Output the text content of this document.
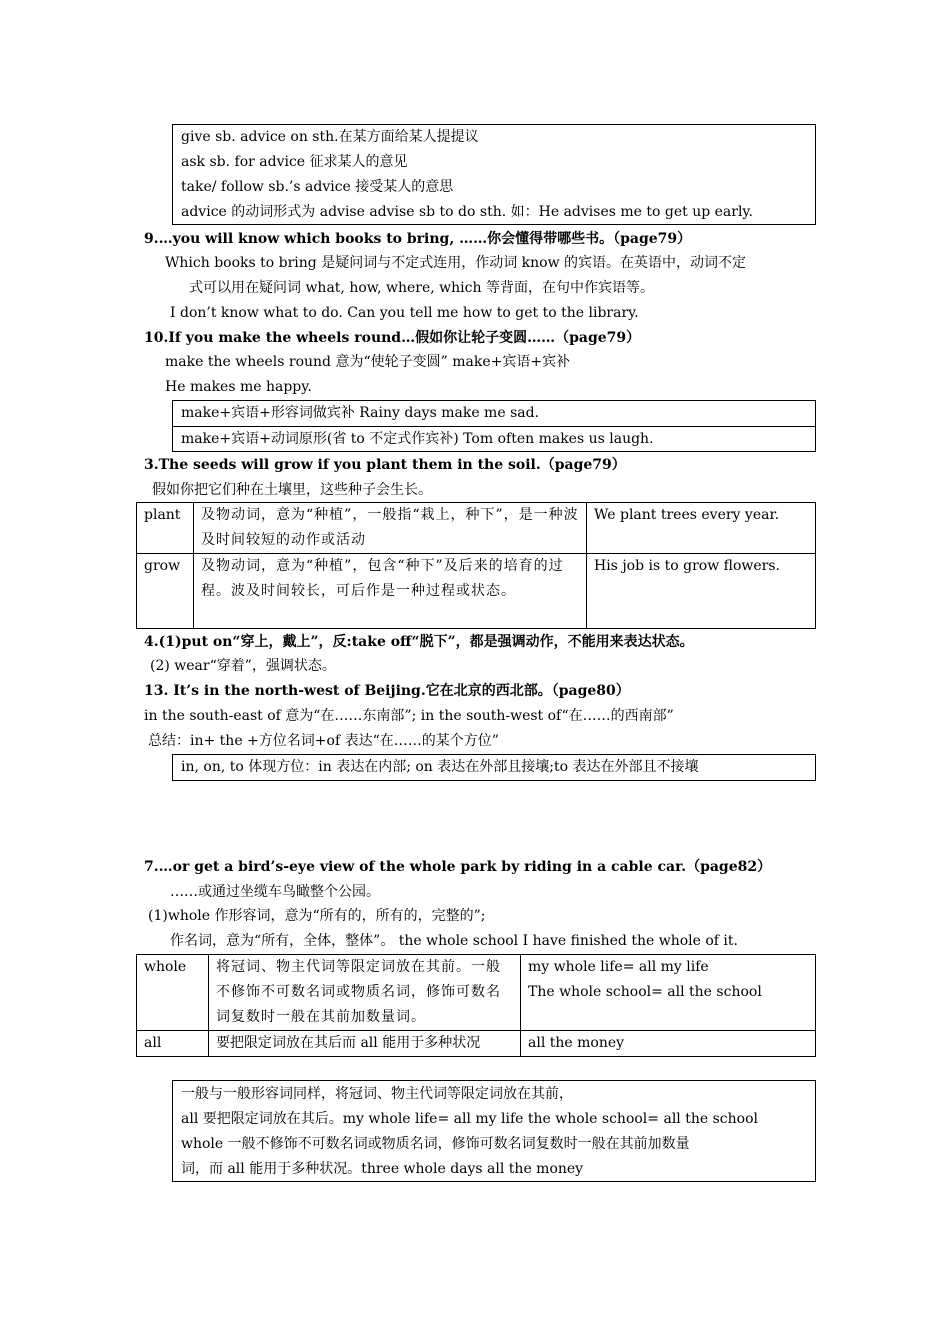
give sb. advice on sth.在某方面给某人提提议
ask sb. for advice 征求某人的意见
take/ follow sb.’s advice 接受某人的意思
advice 的动词形式为 advise advise sb to do sth. 如：He advises me to get up early.
9.…you will know which books to bring, ……你会懂得带哪些书。（page79）
Which books to bring 是疑问词与不定式连用，作动词 know 的宾语。在英语中，动词不定
式可以用在疑问词 what, how, where, which 等背面，在句中作宾语等。
I don’t know what to do. Can you tell me how to get to the library.
10.If you make the wheels round…假如你让轮子变圆……（page79）
make the wheels round 意为“使轮子变圆” make+宾语+宾补
He makes me happy.
make+宾语+形容词做宾补 Rainy days make me sad.
make+宾语+动词原形(省 to 不定式作宾补) Tom often makes us laugh.
3.The seeds will grow if you plant them in the soil.（page79）
假如你把它们种在土壤里，这些种子会生长。
plant	及物动词，意为“种植”，一般指“栽上，种下”，是一种波及时间较短的动作或活动	We plant trees every year.
grow	及物动词，意为“种植”，包含“种下”及后来的培育的过程。波及时间较长，可后作是一种过程或状态。	His job is to grow flowers.
4.(1)put on“穿上，戴上”，反:take off“脱下”，都是强调动作，不能用来表达状态。
(2) wear“穿着”，强调状态。
13. It’s in the north-west of Beijing.它在北京的西北部。（page80）
in the south-east of 意为“在……东南部”; in the south-west of“在……的西南部”
总结：in+ the +方位名词+of 表达“在……的某个方位”
in, on, to 体现方位：in 表达在内部; on 表达在外部且接壤;to 表达在外部且不接壤
7.…or get a bird’s-eye view of the whole park by riding in a cable car.（page82）
……或通过坐缆车鸟瞰整个公园。
(1)whole 作形容词，意为“所有的，所有的，完整的”;
作名词，意为“所有，全体，整体”。 the whole school I have finished the whole of it.
whole	将冠词、物主代词等限定词放在其前。一般不修饰不可数名词或物质名词，修饰可数名词复数时一般在其前加数量词。	my whole life= all my life
The whole school= all the school

all	要把限定词放在其后而 all 能用于多种状况	all the money
一般与一般形容词同样，将冠词、物主代词等限定词放在其前，
all 要把限定词放在其后。my whole life= all my life the whole school= all the school
whole 一般不修饰不可数名词或物质名词，修饰可数名词复数时一般在其前加数量
词，而 all 能用于多种状况。three whole days all the money
